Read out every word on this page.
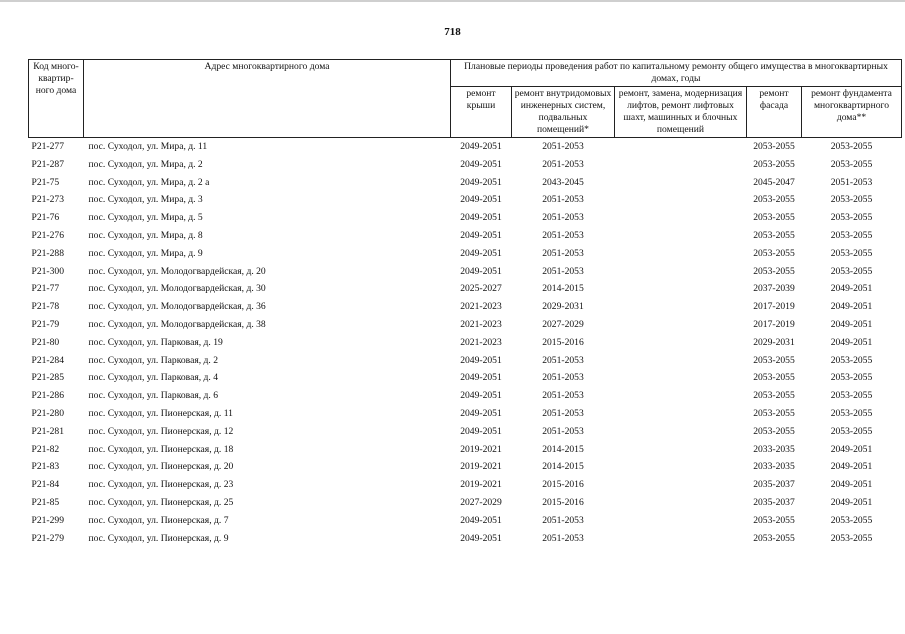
718
Код много-квартир-ного дома	Адрес многоквартирного дома	Плановые периоды проведения работ по капитальному ремонту общего имущества в многоквартирных домах, годы				
		ремонт крыши	ремонт внутридомовых инженерных систем, подвальных помещений*	ремонт, замена, модернизация лифтов, ремонт лифтовых шахт, машинных и блочных помещений	ремонт фасада	ремонт фундамента многоквартирного дома**
Р21-277	пос. Суходол, ул. Мира, д. 11	2049-2051	2051-2053		2053-2055	2053-2055
Р21-287	пос. Суходол, ул. Мира, д. 2	2049-2051	2051-2053		2053-2055	2053-2055
Р21-75	пос. Суходол, ул. Мира, д. 2 а	2049-2051	2043-2045		2045-2047	2051-2053
Р21-273	пос. Суходол, ул. Мира, д. 3	2049-2051	2051-2053		2053-2055	2053-2055
Р21-76	пос. Суходол, ул. Мира, д. 5	2049-2051	2051-2053		2053-2055	2053-2055
Р21-276	пос. Суходол, ул. Мира, д. 8	2049-2051	2051-2053		2053-2055	2053-2055
Р21-288	пос. Суходол, ул. Мира, д. 9	2049-2051	2051-2053		2053-2055	2053-2055
Р21-300	пос. Суходол, ул. Молодогвардейская, д. 20	2049-2051	2051-2053		2053-2055	2053-2055
Р21-77	пос. Суходол, ул. Молодогвардейская, д. 30	2025-2027	2014-2015		2037-2039	2049-2051
Р21-78	пос. Суходол, ул. Молодогвардейская, д. 36	2021-2023	2029-2031		2017-2019	2049-2051
Р21-79	пос. Суходол, ул. Молодогвардейская, д. 38	2021-2023	2027-2029		2017-2019	2049-2051
Р21-80	пос. Суходол, ул. Парковая, д. 19	2021-2023	2015-2016		2029-2031	2049-2051
Р21-284	пос. Суходол, ул. Парковая, д. 2	2049-2051	2051-2053		2053-2055	2053-2055
Р21-285	пос. Суходол, ул. Парковая, д. 4	2049-2051	2051-2053		2053-2055	2053-2055
Р21-286	пос. Суходол, ул. Парковая, д. 6	2049-2051	2051-2053		2053-2055	2053-2055
Р21-280	пос. Суходол, ул. Пионерская, д. 11	2049-2051	2051-2053		2053-2055	2053-2055
Р21-281	пос. Суходол, ул. Пионерская, д. 12	2049-2051	2051-2053		2053-2055	2053-2055
Р21-82	пос. Суходол, ул. Пионерская, д. 18	2019-2021	2014-2015		2033-2035	2049-2051
Р21-83	пос. Суходол, ул. Пионерская, д. 20	2019-2021	2014-2015		2033-2035	2049-2051
Р21-84	пос. Суходол, ул. Пионерская, д. 23	2019-2021	2015-2016		2035-2037	2049-2051
Р21-85	пос. Суходол, ул. Пионерская, д. 25	2027-2029	2015-2016		2035-2037	2049-2051
Р21-299	пос. Суходол, ул. Пионерская, д. 7	2049-2051	2051-2053		2053-2055	2053-2055
Р21-279	пос. Суходол, ул. Пионерская, д. 9	2049-2051	2051-2053		2053-2055	2053-2055
